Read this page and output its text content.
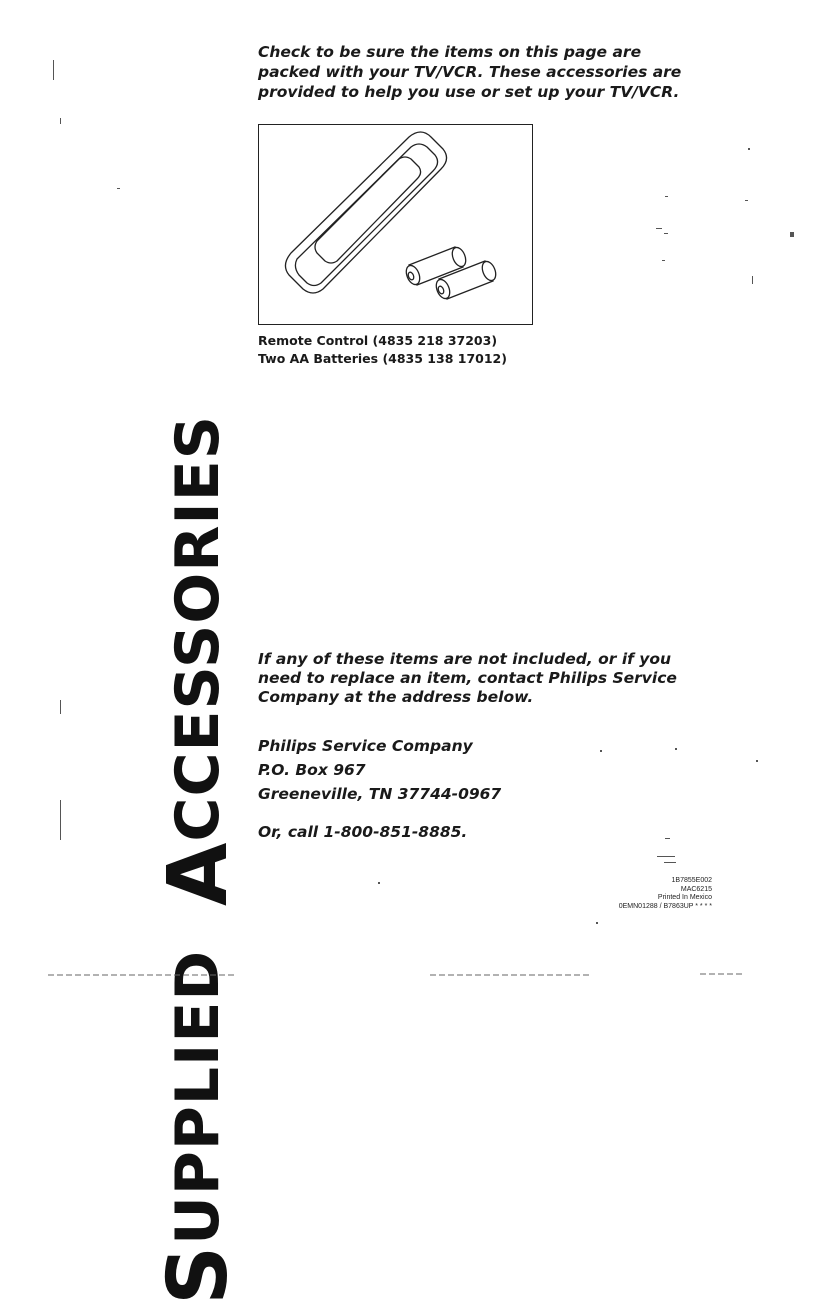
S
UPPLIED

A
CCESSORIES
Check to be sure the items on this page are packed with your TV/VCR. These accessories are provided to help you use or set up your TV/VCR.
Remote Control (4835 218 37203)
Two AA Batteries (4835 138 17012)
If any of these items are not included, or if you need to replace an item, contact Philips Service Company at the address below.
Philips Service Company
P.O. Box 967
Greeneville, TN 37744-0967
Or, call 1-800-851-8885.
1B7855E002
MAC6215
Printed In Mexico
0EMN01288 / B7863UP * * * *
